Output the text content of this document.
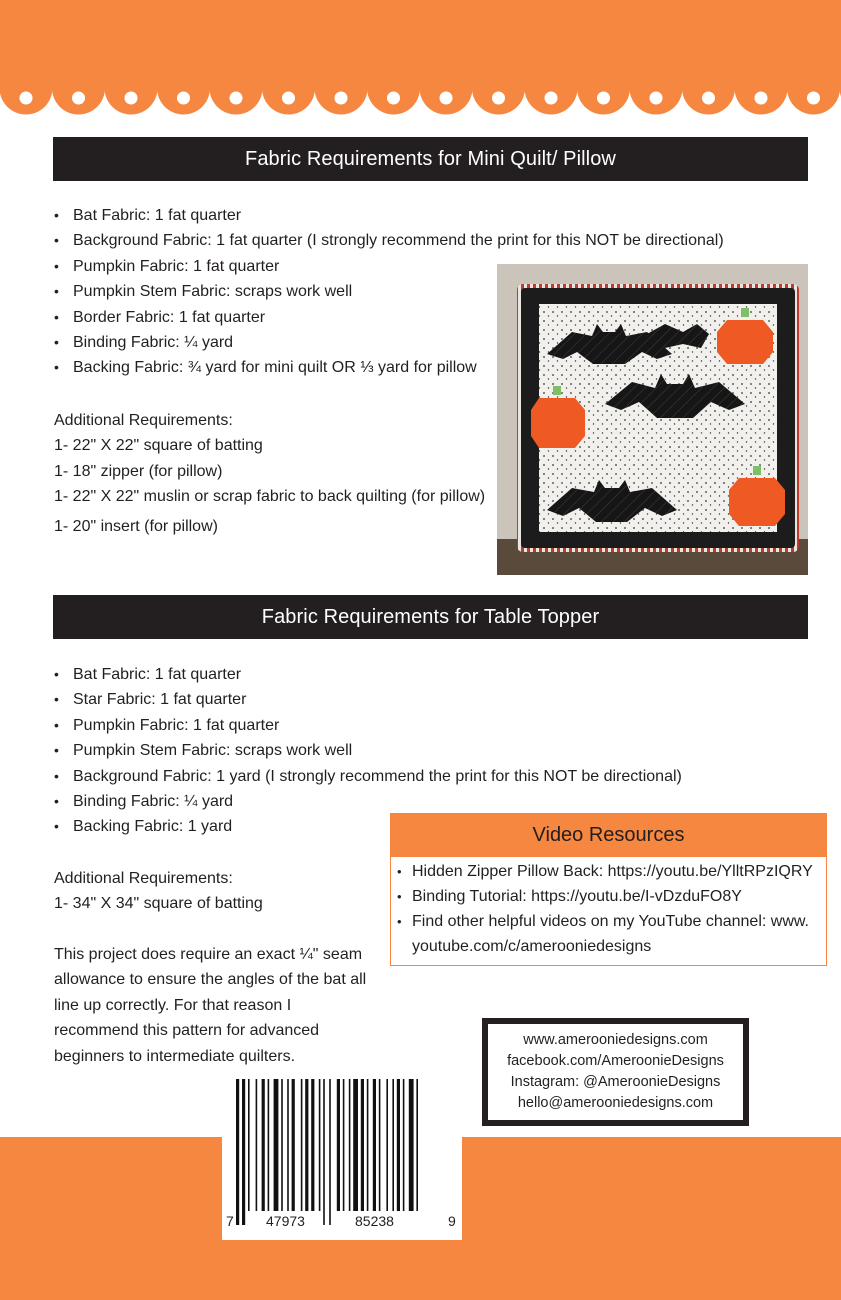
Fabric Requirements for Mini Quilt/ Pillow
• Bat Fabric: 1 fat quarter
• Background Fabric: 1 fat quarter (I strongly recommend the print for this NOT be directional)
• Pumpkin Fabric: 1 fat quarter
• Pumpkin Stem Fabric: scraps work well
• Border Fabric: 1 fat quarter
• Binding Fabric: ¼ yard
• Backing Fabric: ¾ yard for mini quilt OR ⅓ yard for pillow
Additional Requirements:
1- 22" X 22" square of batting
1- 18" zipper (for pillow)
1- 22" X 22" muslin or scrap fabric to back quilting (for pillow)
1- 20" insert (for pillow)
Fabric Requirements for Table Topper
• Bat Fabric: 1 fat quarter
• Star Fabric: 1 fat quarter
• Pumpkin Fabric: 1 fat quarter
• Pumpkin Stem Fabric: scraps work well
• Background Fabric: 1 yard (I strongly recommend the print for this NOT be directional)
• Binding Fabric: ¼ yard
• Backing Fabric: 1 yard
Additional Requirements:
1- 34" X 34" square of batting

This project does require an exact ¼" seam allowance to ensure the angles of the bat all line up correctly. For that reason I recommend this pattern for advanced beginners to intermediate quilters.

Video Resources
• Hidden Zipper Pillow Back: https://youtu.be/YlltRPzIQRY
• Binding Tutorial: https://youtu.be/I-vDzduFO8Y
• Find other helpful videos on my YouTube channel: www. youtube.com/c/amerooniedesigns
www.amerooniedesigns.com
facebook.com/AmeroonieDesigns
Instagram: @AmeroonieDesigns
hello@amerooniedesigns.com
7 47973	85238	9
